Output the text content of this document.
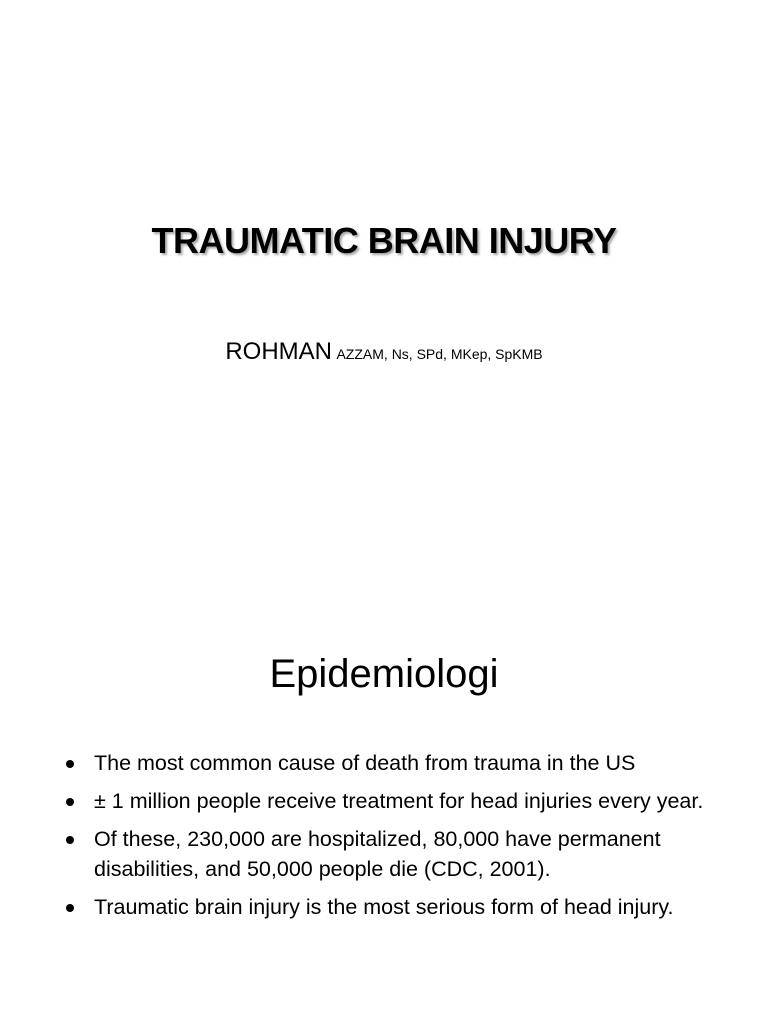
TRAUMATIC BRAIN INJURY
ROHMAN AZZAM, Ns, SPd, MKep, SpKMB
Epidemiologi
The most common cause of death from trauma in the US
± 1 million people receive treatment for head injuries every year.
Of these, 230,000 are hospitalized, 80,000 have permanent disabilities, and 50,000 people die (CDC, 2001).
Traumatic brain injury is the most serious form of head injury.
